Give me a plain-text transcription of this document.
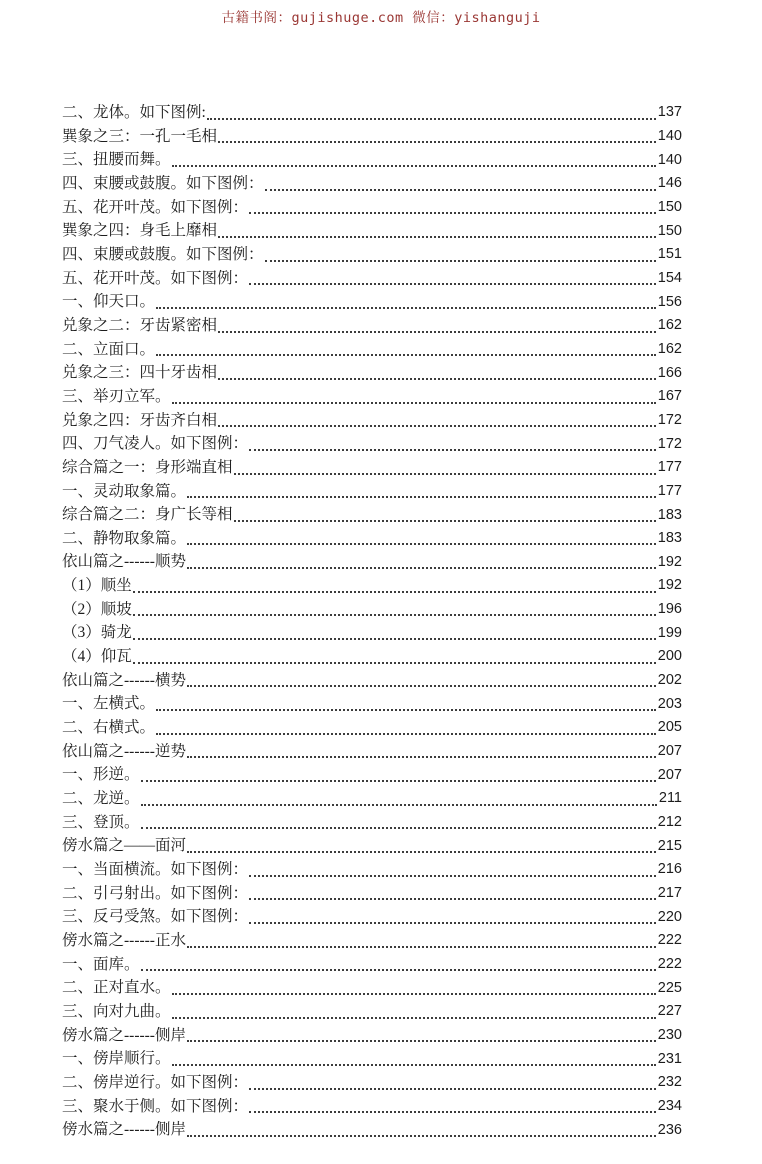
古籍书阁：gujishuge.com 微信：yishanguji
二、龙体。如下图例:	137
巽象之三：一孔一毛相	140
三、扭腰而舞。	140
四、束腰或鼓腹。如下图例：	146
五、花开叶茂。如下图例：	150
巽象之四：身毛上靡相	150
四、束腰或鼓腹。如下图例：	151
五、花开叶茂。如下图例：	154
一、仰天口。	156
兑象之二：牙齿紧密相	162
二、立面口。	162
兑象之三：四十牙齿相	166
三、举刃立军。	167
兑象之四：牙齿齐白相	172
四、刀气凌人。如下图例：	172
综合篇之一：身形端直相	177
一、灵动取象篇。	177
综合篇之二：身广长等相	183
二、静物取象篇。	183
依山篇之------顺势	192
（1）顺坐	192
（2）顺坡	196
（3）骑龙	199
（4）仰瓦	200
依山篇之------横势	202
一、左横式。	203
二、右横式。	205
依山篇之------逆势	207
一、形逆。	207
二、龙逆。	211
三、登顶。	212
傍水篇之——面河	215
一、当面横流。如下图例：	216
二、引弓射出。如下图例：	217
三、反弓受煞。如下图例：	220
傍水篇之------正水	222
一、面库。	222
二、正对直水。	225
三、向对九曲。	227
傍水篇之------侧岸	230
一、傍岸顺行。	231
二、傍岸逆行。如下图例：	232
三、聚水于侧。如下图例：	234
傍水篇之------侧岸	236
